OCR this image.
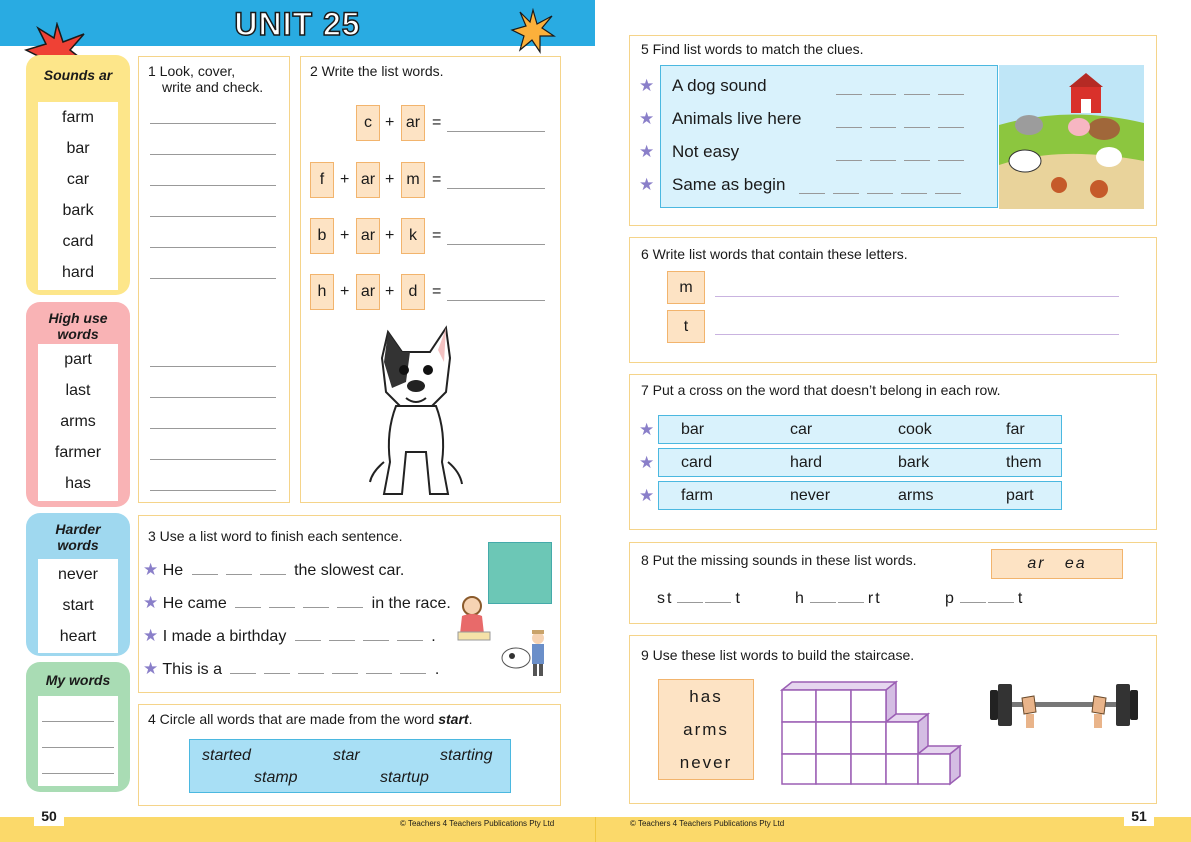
UNIT 25
Sounds ar
farm
bar
car
bark
card
hard
High use words
part
last
arms
farmer
has
Harder words
never
start
heart
My words
1 Look, cover,
write and check.
2 Write the list words.
c + ar =
f + ar + m =
b + ar + k =
h + ar + d =
3 Use a list word to finish each sentence.
★ He	the slowest car.
★ He came	in the race.
★ I made a birthday	.
★ This is a	.
4 Circle all words that are made from the word start.
started	star	starting
stamp	startup
5 Find list words to match the clues.
★ A dog sound
★ Animals live here
★ Not easy
★ Same as begin
6 Write list words that contain these letters.
m
t
7 Put a cross on the word that doesn’t belong in each row.
★ bar	car	cook	far
★ card	hard	bark	them
★ farm	never	arms	part
8 Put the missing sounds in these list words.	ar   ea
st	t	h	rt	p	t
9 Use these list words to build the staircase.
has
arms
never
50	51
© Teachers 4 Teachers Publications Pty Ltd	© Teachers 4 Teachers Publications Pty Ltd
